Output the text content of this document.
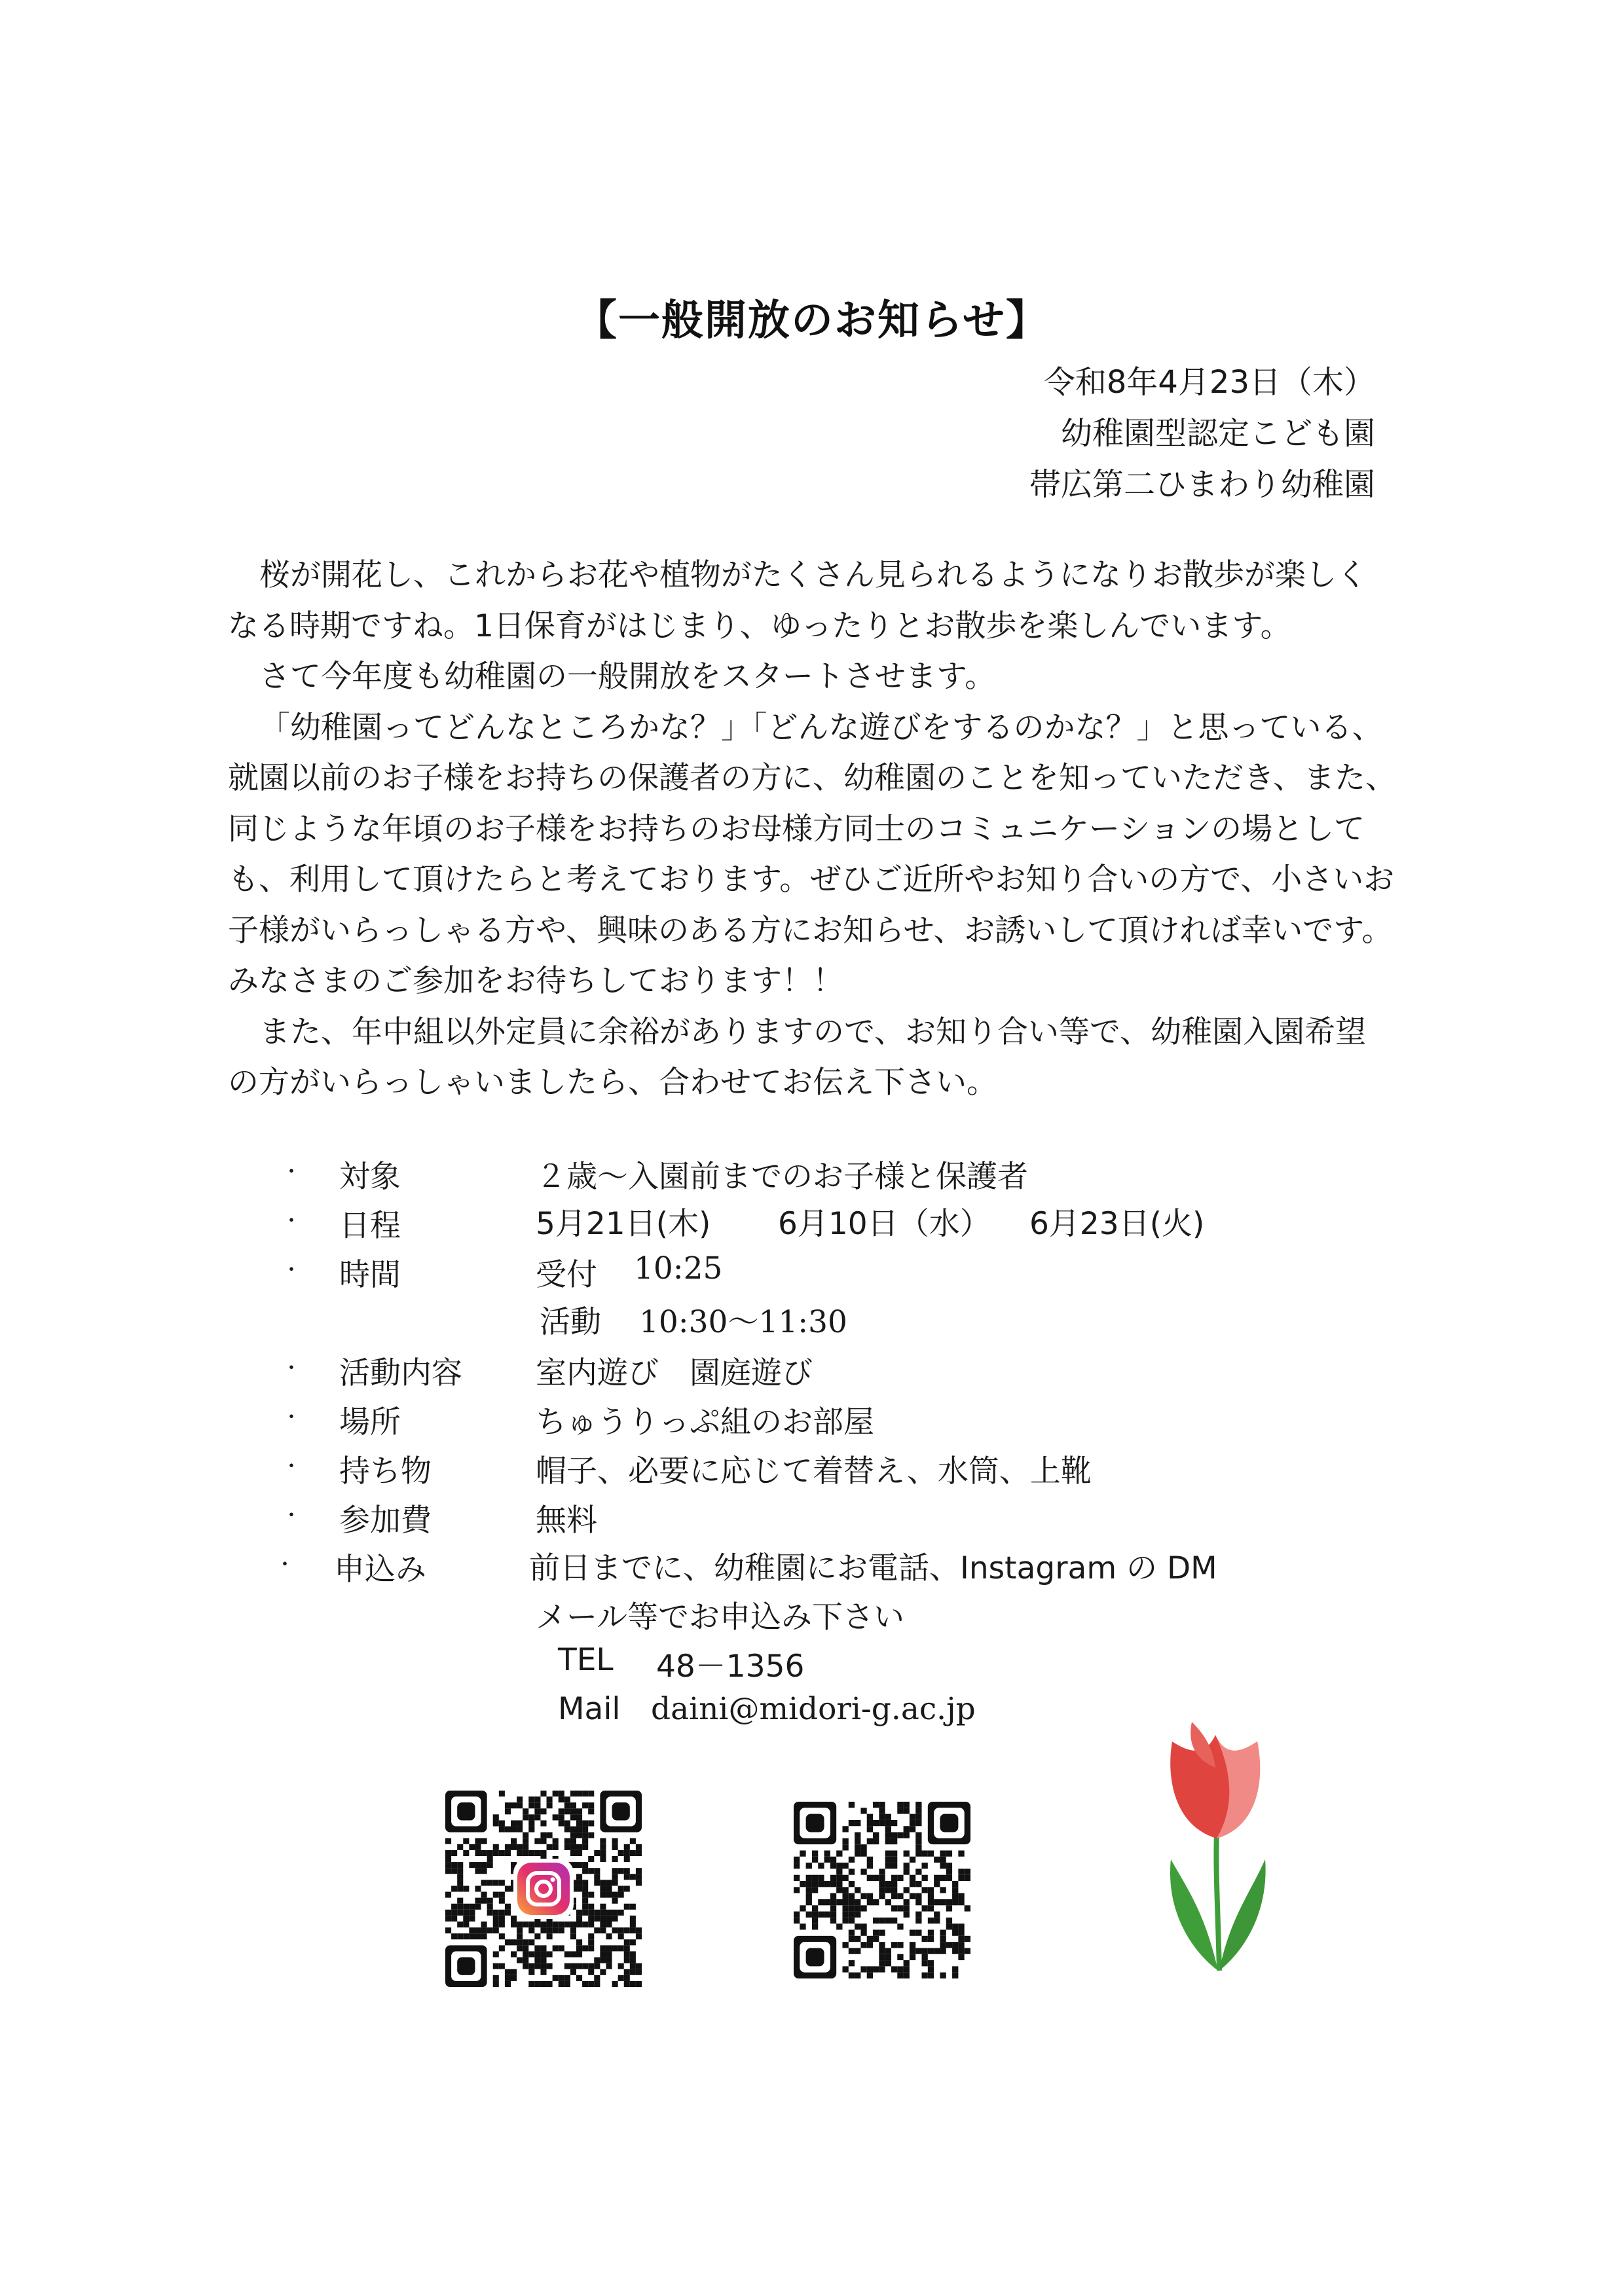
【一般開放のお知らせ】
令和8年4月23日（木）
幼稚園型認定こども園
帯広第二ひまわり幼稚園

桜が開花し、これからお花や植物がたくさん見られるようになりお散歩が楽しく

なる時期ですね。1日保育がはじまり、ゆったりとお散歩を楽しんでいます。

さて今年度も幼稚園の一般開放をスタートさせます。

「幼稚園ってどんなところかな？」「どんな遊びをするのかな？」と思っている、

就園以前のお子様をお持ちの保護者の方に、幼稚園のことを知っていただき、また、

同じような年頃のお子様をお持ちのお母様方同士のコミュニケーションの場として

も、利用して頂けたらと考えております。ぜひご近所やお知り合いの方で、小さいお

子様がいらっしゃる方や、興味のある方にお知らせ、お誘いして頂ければ幸いです。

みなさまのご参加をお待ちしております！！

また、年中組以外定員に余裕がありますので、お知り合い等で、幼稚園入園希望

の方がいらっしゃいましたら、合わせてお伝え下さい。

・ 対象	２歳～入園前までのお子様と保護者
・ 日程	5月21日(木) 6月10日（水） 6月23日(火)
・ 時間	受付 10:25
活動 10:30～11:30
・ 活動内容 室内遊び　園庭遊び
・ 場所	ちゅうりっぷ組のお部屋
・ 持ち物	帽子、必要に応じて着替え、水筒、上靴
・ 参加費	無料
・ 申込み	前日までに、幼稚園にお電話、Instagram の DM
メール等でお申込み下さい
TEL 48－1356
Mail daini@midori-g.ac.jp
